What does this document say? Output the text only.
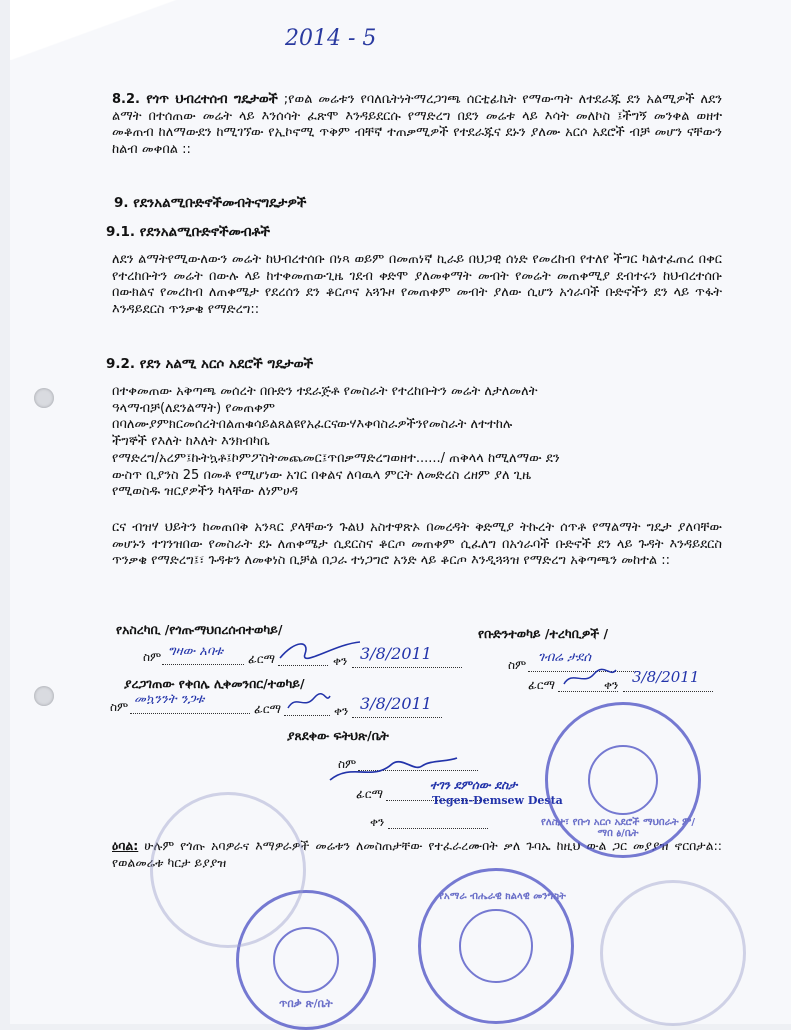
2014 - 5

8.2. የጎጥ ህብረተሰብ ግዴታወች ;የወል መሬቱን የባለቤትነትማረጋገጫ ሰርቲፊኬት የማውጣት ለተደራጁ ደን አልሚዎች ለደን ልማት በተሰጠው መሬት ላይ እንሰሳት ፈጽሞ እንዳይደርሱ የማድረግ በደን መሬቱ ላይ እሳት መለኮስ ፤ችግኝ መንቀል ወዘተ መቆጠብ ከለማውደን ከሚገኘው የኢኮኖሚ ጥቅም ብቸኛ ተጠቃሚዎች የተደራጁና ደኑን ያለሙ አርሶ አደሮች ብቻ መሆን ናቸውን ከልብ መቀበል ::

9. የደንአልሚቡድኖችመብትናግዴታዎች

9.1. የደንአልሚቡድኖችመብቶች

ለደን ልማትየሚውለውን መሬት ከህብረተሰቡ በነጻ ወይም በመጠነኛ ኪራይ በህጋዊ ሰነድ የመረከብ የተለየ ችግር ካልተፈጠረ በቀር የተረከቡትን መሬት በውሉ ላይ ከተቀመጠውጊዜ ገደብ ቀድሞ ያለመቀማት መብት የመሬት መጠቀሚያ ደብተሩን ከህብረተሰቡ በውክልና የመረከብ ለጠቀሜታ የደረሰን ደን ቆርጦና አጓጉዞ የመጠቀም መብት ያለው ሲሆን አጎራባች ቡድኖችን ደን ላይ ጥፋት እንዳይደርስ ጥንቃቄ የማድረግ::

9.2. የደን አልሚ አርሶ አደሮች ግዴታወች

በተቀመጠው አቅጣጫ መሰረት በቡድን ተደራጅቶ የመስራት የተረከቡትን መሬት ለታለመለት
ዓላማብቻ(ለደንልማት) የመጠቀም
በባለሙያምክርመሰረትበልጠቁሳይልጸልዩየአፈርናውሃእቀባስራዎችንየመስራት ለተተከሉ
ችግኞች የእለት ከእለት እንክብካቤ
የማድረግ/አረም፤ኩትኳቶ፤ኮምፖስትመጨመር፤ጥበቃማድረግወዘተ....../ ጠቅላላ ከሚለማው ደን
ውስጥ ቢያንስ 25 በመቶ የሚሆነው አገር በቀልና ለባዉላ ምርት ለመድረስ ረዘም ያለ ጊዜ
የሚወስዱ ዝርያዎችን ካላቸው ለነምሀዳ

ርና ብዝሃ ህይትን ከመጠበቅ አንጻር ያላቸውን ጉልህ አስተዋጽኦ በመረዳት ቅድሚያ ትኩረት ሰጥቶ የማልማት ግዴታ ያለባቸው መሆኑን ተገንዝበው የመስራት ደኑ ለጠቀሜታ ሲደርስና ቆርጦ መጠቀም ሲፈለግ በአጎራባች ቡድኖች ደን ላይ ጉዳት እንዳይደርስ ጥንቃቄ የማድረግ፤፣ ጉዳቱን ለመቀነስ ቢቻል በጋራ ተነጋግሮ አንድ ላይ ቆርጦ እንዲጓጓዝ የማድረግ አቅጣጫን መከተል ::

የአስረካቢ /የጎጡማህበረሰብተወካይ/	የቡድንተወካይ /ተረካቢዎች /
ስም ግዛው አባቱ ፊርማ	ቀን 3/8/2011
ስም ገብሬ ታደሰ
ፊርማ	ቀን 3/8/2011
ያረጋገጠው የቀበሌ ሊቀመንበር/ተወካይ/
ስም መኳንንት ንጋቱ
ፊርማ	ቀን 3/8/2011
ያጸደቀው ፍትህጽ/ቤት
ስም
ፊርማ
ተገን ደምሰው ደስታ
Tegen-Demsew Desta
ቀን

ዕባል: ሁሉም የጎጡ አባዎራና እማዎራዎች መሬቱን ለመስጠታቸው የተፈራረሙበት ቃለ ጉባኤ ከዚህ ውል ጋር መያያዝ ኖርበታል:: የወልመሬቱ ካርታ ይያያዝ

የለስታ፣ የቡጎ አርሶ አደሮች ማህበራት ም/ማበ ፅ/ቤት
የአማራ ብሔራዊ ክልላዊ መንግስት
ጥበቃ ጽ/ቤት
